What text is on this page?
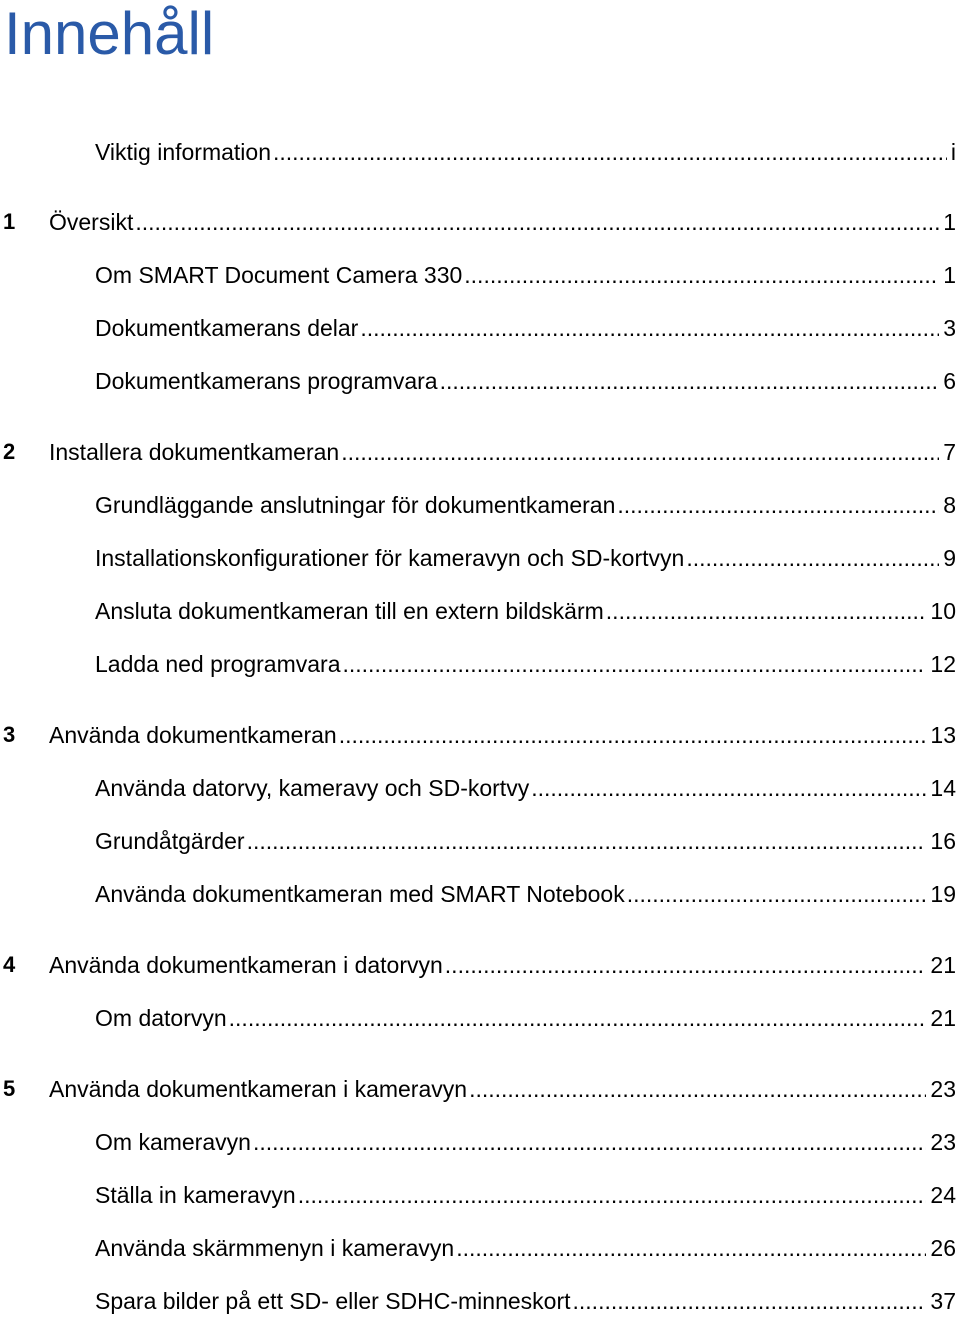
Innehåll
Viktig information .....	i
1 Översikt .....	1
Om SMART Document Camera 330 .....	1
Dokumentkamerans delar .....	3
Dokumentkamerans programvara .....	6
2 Installera dokumentkameran .....	7
Grundläggande anslutningar för dokumentkameran .....	8
Installationskonfigurationer för kameravyn och SD-kortvyn .....	9
Ansluta dokumentkameran till en extern bildskärm .....	10
Ladda ned programvara .....	12
3 Använda dokumentkameran .....	13
Använda datorvy, kameravy och SD-kortvy .....	14
Grundåtgärder .....	16
Använda dokumentkameran med SMART Notebook .....	19
4 Använda dokumentkameran i datorvyn .....	21
Om datorvyn .....	21
5 Använda dokumentkameran i kameravyn .....	23
Om kameravyn .....	23
Ställa in kameravyn .....	24
Använda skärmmenyn i kameravyn .....	26
Spara bilder på ett SD- eller SDHC-minneskort .....	37
